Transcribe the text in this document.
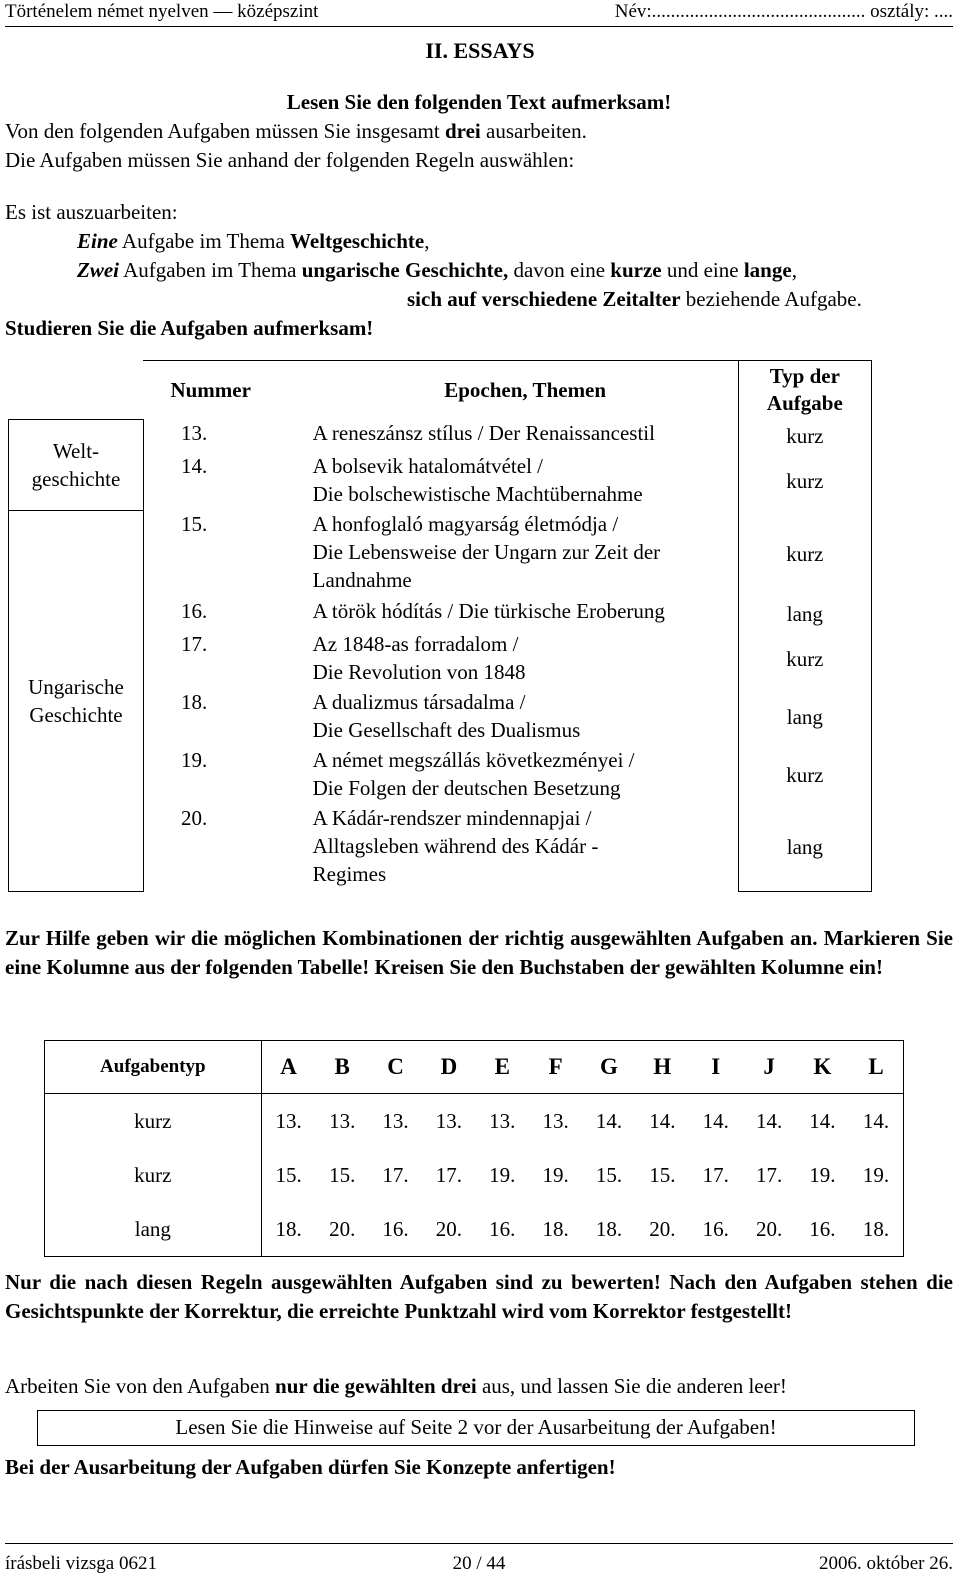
Történelem német nyelven — középszint	Név:............................................. osztály: ....
II. ESSAYS
Lesen Sie den folgenden Text aufmerksam!
Von den folgenden Aufgaben müssen Sie insgesamt drei ausarbeiten.
Die Aufgaben müssen Sie anhand der folgenden Regeln auswählen:
Es ist auszuarbeiten:
Eine Aufgabe im Thema Weltgeschichte,
Zwei Aufgaben im Thema ungarische Geschichte, davon eine kurze und eine lange,
sich auf verschiedene Zeitalter beziehende Aufgabe.
Studieren Sie die Aufgaben aufmerksam!
	Nummer	Epochen, Themen	Typ der Aufgabe
Welt-
geschichte	13.	A reneszánsz stílus / Der Renaissancestil	kurz
	14.	A bolsevik hatalomátvétel /
Die bolschewistische Machtübernahme	kurz
Ungarische
Geschichte	15.	A honfoglaló magyarság életmódja /
Die Lebensweise der Ungarn zur Zeit der
Landnahme	kurz
	16.	A török hódítás / Die türkische Eroberung	lang
	17.	Az 1848-as forradalom /
Die Revolution von 1848	kurz
	18.	A dualizmus társadalma /
Die Gesellschaft des Dualismus	lang
	19.	A német megszállás következményei /
Die Folgen der deutschen Besetzung	kurz
	20.	A Kádár-rendszer mindennapjai /
Alltagsleben während des Kádár -
Regimes	lang
Zur Hilfe geben wir die möglichen Kombinationen der richtig ausgewählten Aufgaben an. Markieren Sie eine Kolumne aus der folgenden Tabelle! Kreisen Sie den Buchstaben der gewählten Kolumne ein!
Aufgabentyp	A	B	C	D	E	F	G	H	I	J	K	L
kurz	13.	13.	13.	13.	13.	13.	14.	14.	14.	14.	14.	14.
kurz	15.	15.	17.	17.	19.	19.	15.	15.	17.	17.	19.	19.
lang	18.	20.	16.	20.	16.	18.	18.	20.	16.	20.	16.	18.
Nur die nach diesen Regeln ausgewählten Aufgaben sind zu bewerten! Nach den Aufgaben stehen die Gesichtspunkte der Korrektur, die erreichte Punktzahl wird vom Korrektor festgestellt!
Arbeiten Sie von den Aufgaben nur die gewählten drei aus, und lassen Sie die anderen leer!
Lesen Sie die Hinweise auf Seite 2 vor der Ausarbeitung der Aufgaben!
Bei der Ausarbeitung der Aufgaben dürfen Sie Konzepte anfertigen!
írásbeli vizsga 0621	20 / 44	2006. október 26.
